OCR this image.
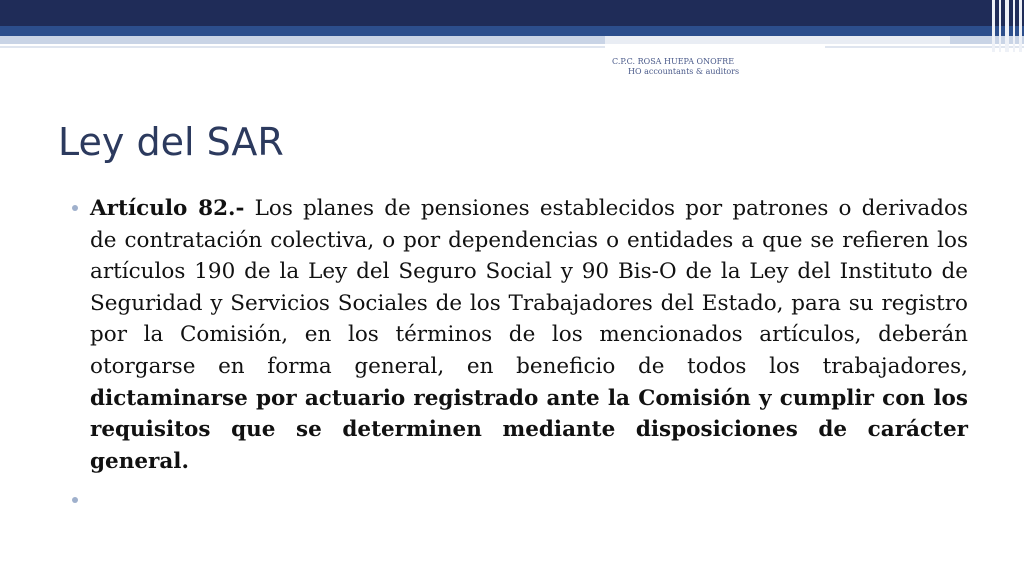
C.P.C. ROSA HUEPA ONOFRE
HO accountants & auditors
Ley del SAR

Artículo 82.- Los planes de pensiones establecidos por patrones o derivados de contratación colectiva, o por dependencias o entidades a que se refieren los artículos 190 de la Ley del Seguro Social y 90 Bis-O de la Ley del Instituto de Seguridad y Servicios Sociales de los Trabajadores del Estado, para su registro por la Comisión, en los términos de los mencionados artículos, deberán otorgarse en forma general, en beneficio de todos los trabajadores, dictaminarse por actuario registrado ante la Comisión y cumplir con los requisitos que se determinen mediante disposiciones de carácter general.
